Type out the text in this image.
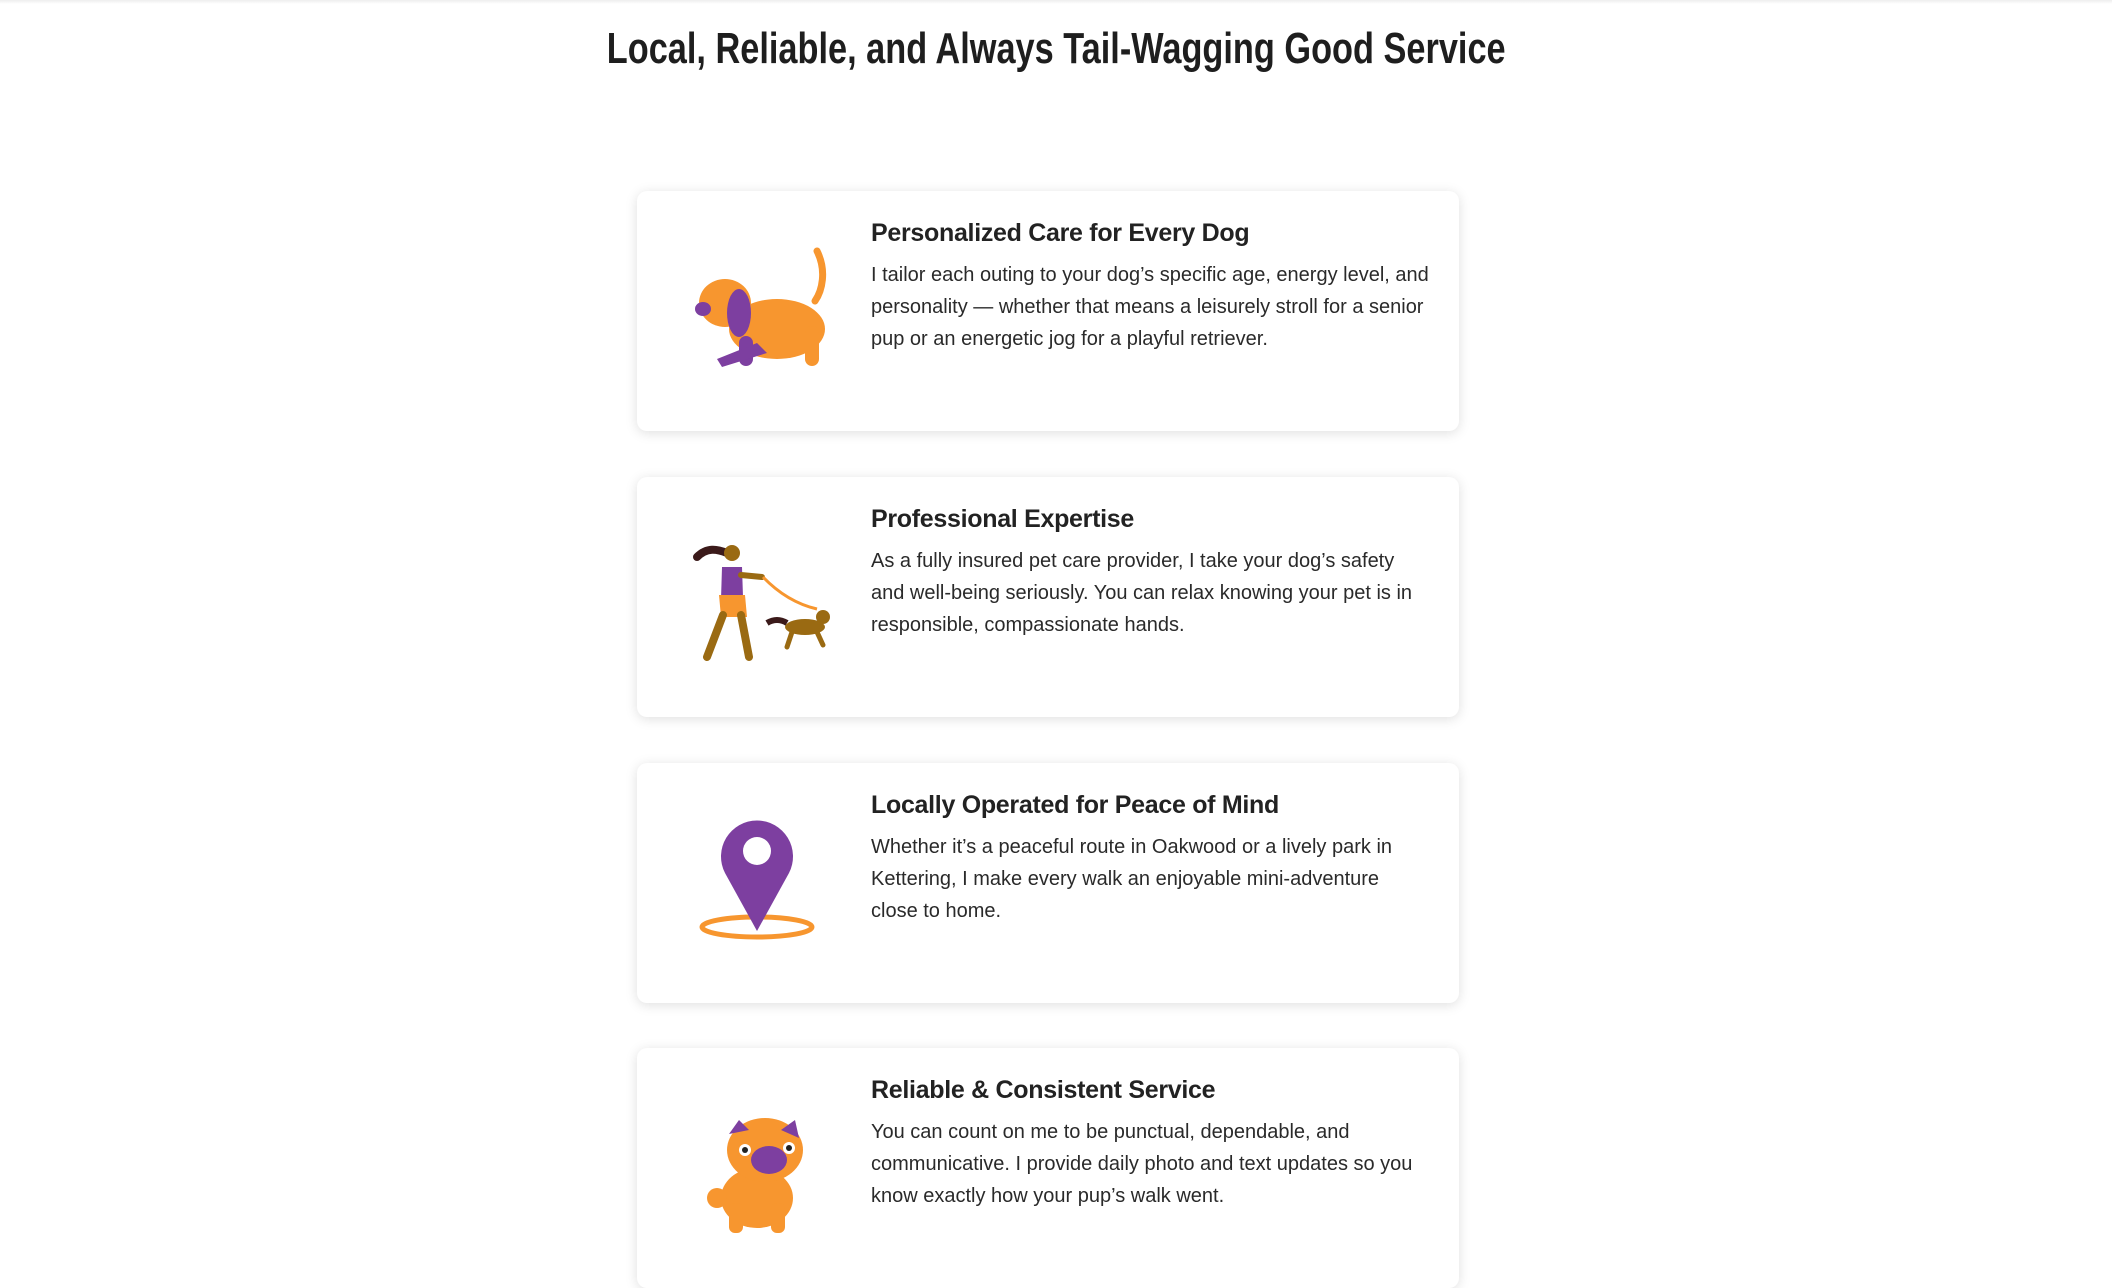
Local, Reliable, and Always Tail-Wagging Good Service
Personalized Care for Every Dog
I tailor each outing to your dog’s specific age, energy level, and personality — whether that means a leisurely stroll for a senior pup or an energetic jog for a playful retriever.
Professional Expertise
As a fully insured pet care provider, I take your dog’s safety and well-being seriously. You can relax knowing your pet is in responsible, compassionate hands.
Locally Operated for Peace of Mind
Whether it’s a peaceful route in Oakwood or a lively park in Kettering, I make every walk an enjoyable mini-adventure close to home.
Reliable & Consistent Service
You can count on me to be punctual, dependable, and communicative. I provide daily photo and text updates so you know exactly how your pup’s walk went.
